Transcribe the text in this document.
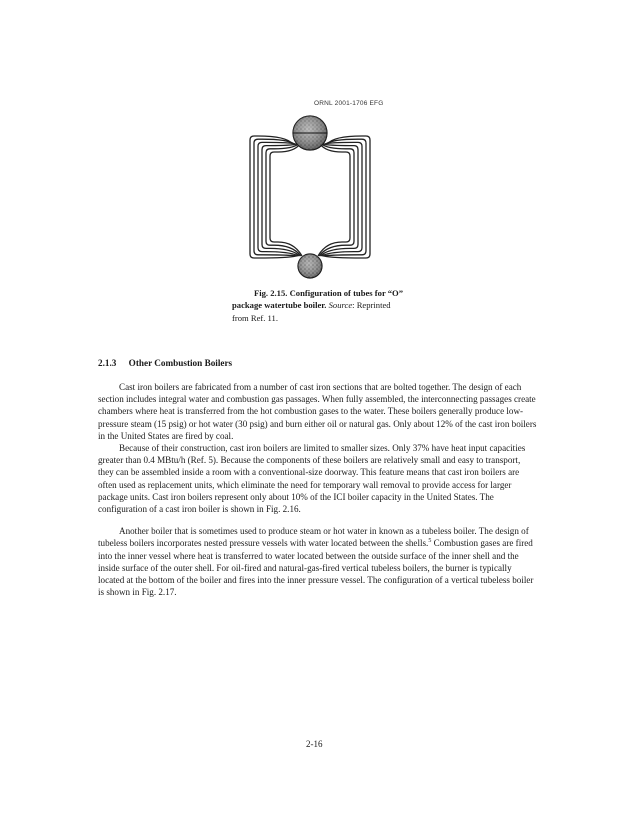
ORNL 2001-1706 EFG
Fig. 2.15. Configuration of tubes for “O”
package watertube boiler. Source: Reprinted
from Ref. 11.
2.1.3 Other Combustion Boilers

Cast iron boilers are fabricated from a number of cast iron sections that are bolted together. The design of each section includes integral water and combustion gas passages. When fully assembled, the interconnecting passages create chambers where heat is transferred from the hot combustion gases to the water. These boilers generally produce low-pressure steam (15 psig) or hot water (30 psig) and burn either oil or natural gas. Only about 12% of the cast iron boilers in the United States are fired by coal.

Because of their construction, cast iron boilers are limited to smaller sizes. Only 37% have heat input capacities greater than 0.4 MBtu/h (Ref. 5). Because the components of these boilers are relatively small and easy to transport, they can be assembled inside a room with a conventional-size doorway. This feature means that cast iron boilers are often used as replacement units, which eliminate the need for temporary wall removal to provide access for larger package units. Cast iron boilers represent only about 10% of the ICI boiler capacity in the United States. The configuration of a cast iron boiler is shown in Fig. 2.16.

Another boiler that is sometimes used to produce steam or hot water in known as a tubeless boiler. The design of tubeless boilers incorporates nested pressure vessels with water located between the shells.$^5$ Combustion gases are fired into the inner vessel where heat is transferred to water located between the outside surface of the inner shell and the inside surface of the outer shell. For oil-fired and natural-gas-fired vertical tubeless boilers, the burner is typically located at the bottom of the boiler and fires into the inner pressure vessel. The configuration of a vertical tubeless boiler is shown in Fig. 2.17.

2-16
